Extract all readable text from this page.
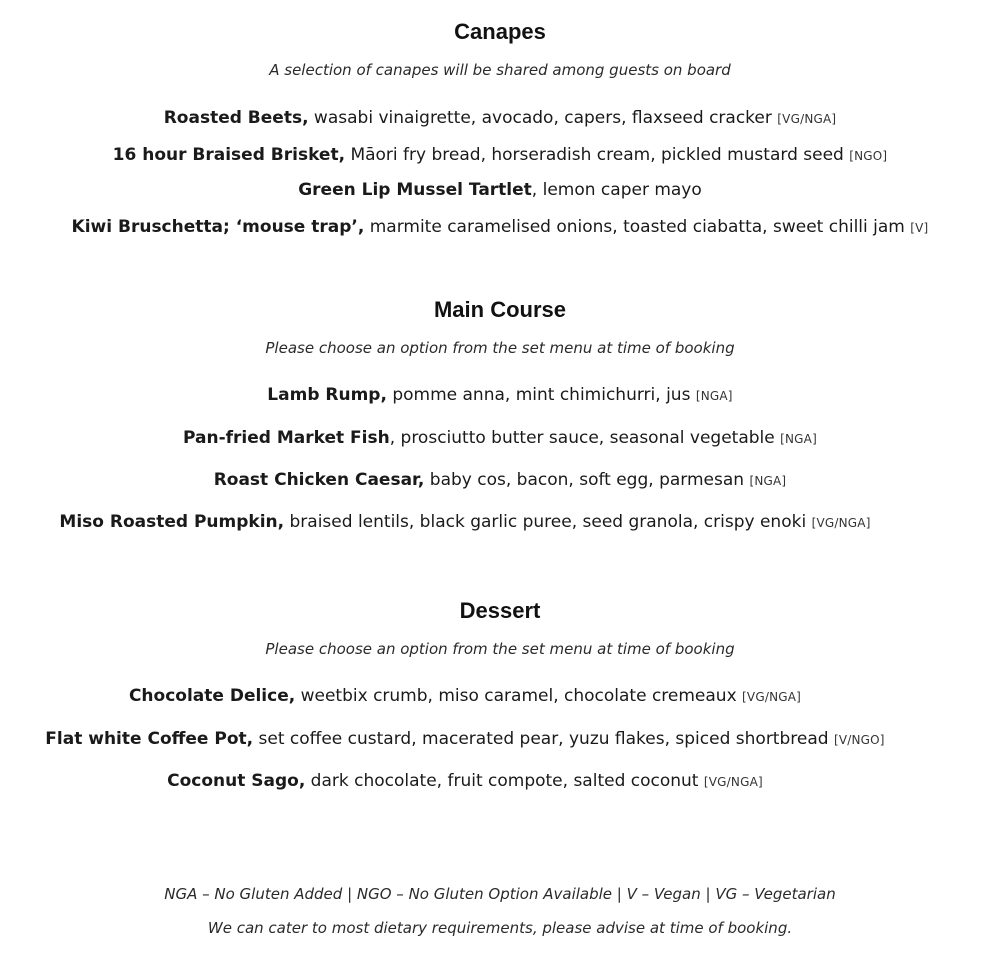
Canapes
A selection of canapes will be shared among guests on board
Roasted Beets, wasabi vinaigrette, avocado, capers, flaxseed cracker [VG/NGA]
16 hour Braised Brisket, Māori fry bread, horseradish cream, pickled mustard seed [NGO]
Green Lip Mussel Tartlet, lemon caper mayo
Kiwi Bruschetta; ‘mouse trap’, marmite caramelised onions, toasted ciabatta, sweet chilli jam [V]
Main Course
Please choose an option from the set menu at time of booking
Lamb Rump, pomme anna, mint chimichurri, jus [NGA]
Pan-fried Market Fish, prosciutto butter sauce, seasonal vegetable [NGA]
Roast Chicken Caesar, baby cos, bacon, soft egg, parmesan [NGA]
Miso Roasted Pumpkin, braised lentils, black garlic puree, seed granola, crispy enoki [VG/NGA]
Dessert
Please choose an option from the set menu at time of booking
Chocolate Delice, weetbix crumb, miso caramel, chocolate cremeaux [VG/NGA]
Flat white Coffee Pot, set coffee custard, macerated pear, yuzu flakes, spiced shortbread [V/NGO]
Coconut Sago, dark chocolate, fruit compote, salted coconut [VG/NGA]
NGA – No Gluten Added | NGO – No Gluten Option Available | V – Vegan | VG – Vegetarian
We can cater to most dietary requirements, please advise at time of booking.
